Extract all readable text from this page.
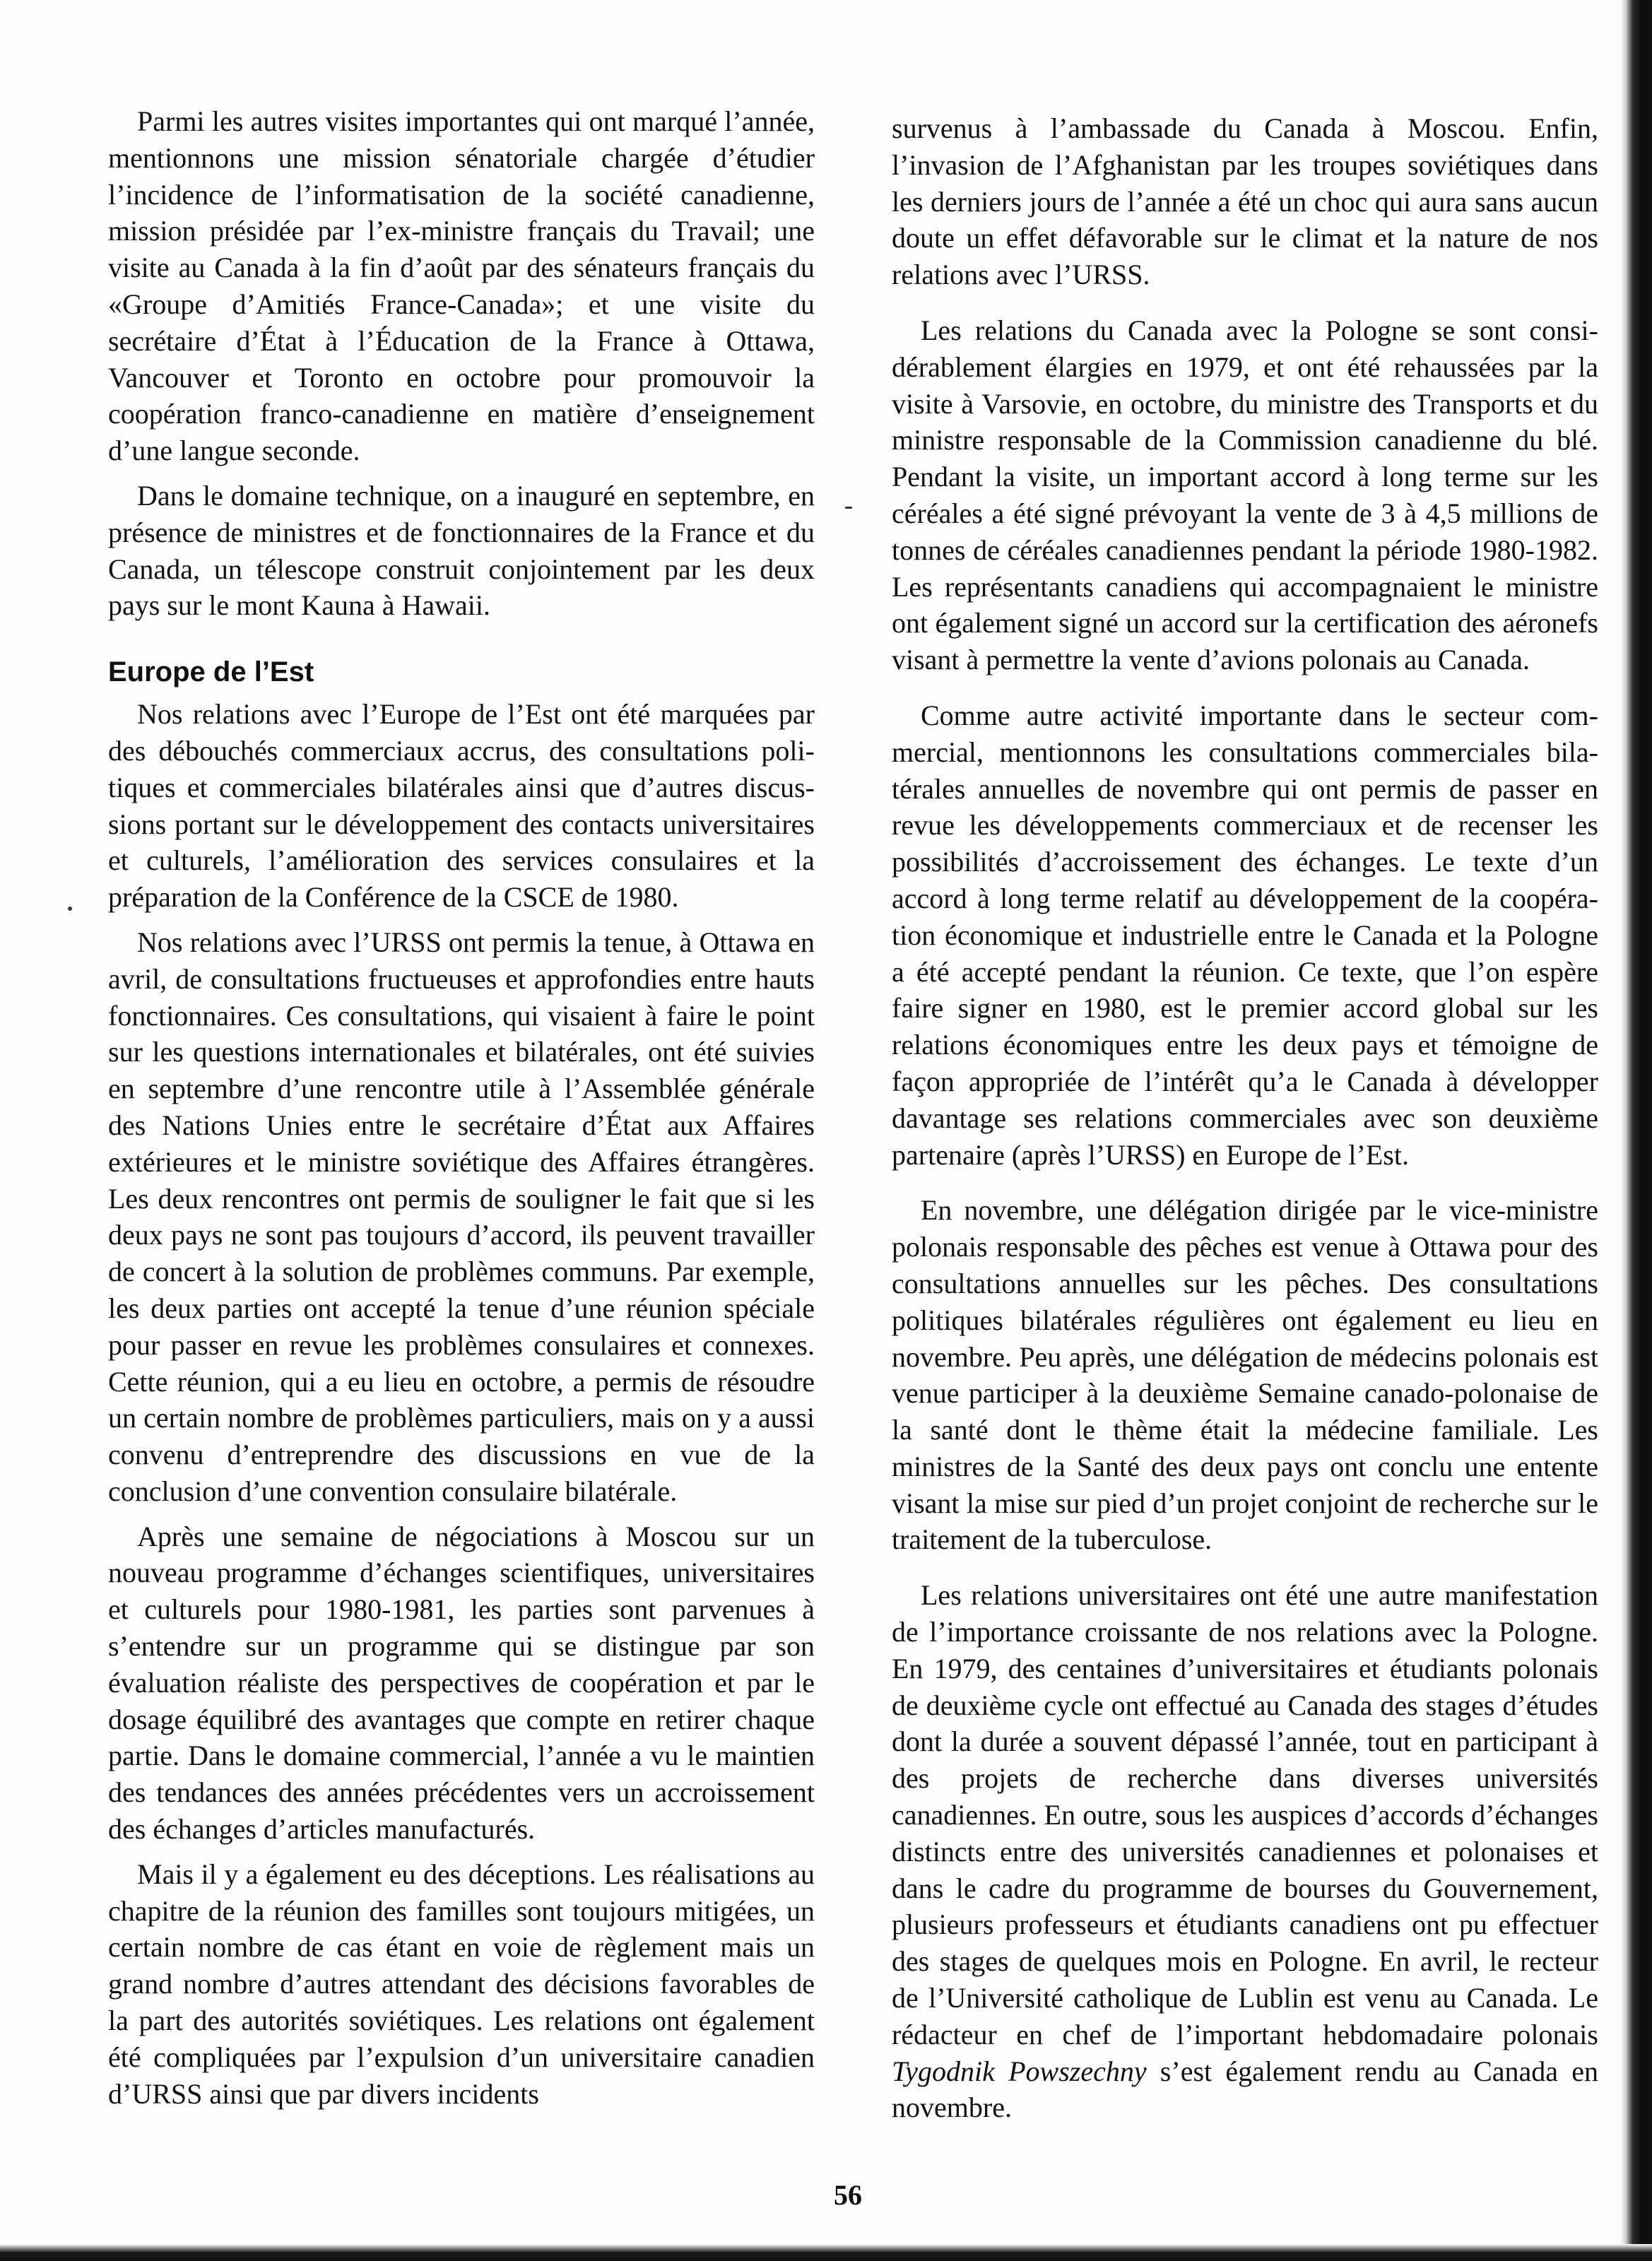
Parmi les autres visites importantes qui ont marqué l’année, mentionnons une mission sénatoriale chargée d’étudier l’incidence de l’informatisation de la société canadienne, mission présidée par l’ex-ministre français du Travail; une visite au Canada à la fin d’août par des sénateurs français du «Groupe d’Amitiés France-Canada»; et une visite du secrétaire d’État à l’Éducation de la France à Ottawa, Vancouver et Toronto en octobre pour promouvoir la coopération franco-canadienne en matière d’enseignement d’une langue seconde.

Dans le domaine technique, on a inauguré en septembre, en présence de ministres et de fonctionnaires de la France et du Canada, un télescope construit conjointement par les deux pays sur le mont Kauna à Hawaii.

Europe de l’Est

Nos relations avec l’Europe de l’Est ont été marquées par des débouchés commerciaux accrus, des consultations politiques et commerciales bilatérales ainsi que d’autres discussions portant sur le développement des contacts universitaires et culturels, l’amélioration des services consulaires et la préparation de la Conférence de la CSCE de 1980.

Nos relations avec l’URSS ont permis la tenue, à Ottawa en avril, de consultations fructueuses et approfondies entre hauts fonctionnaires. Ces consultations, qui visaient à faire le point sur les questions internationales et bilatérales, ont été suivies en septembre d’une rencontre utile à l’Assemblée générale des Nations Unies entre le secrétaire d’État aux Affaires extérieures et le ministre soviétique des Affaires étrangères. Les deux rencontres ont permis de souligner le fait que si les deux pays ne sont pas toujours d’accord, ils peuvent travailler de concert à la solution de problèmes communs. Par exemple, les deux parties ont accepté la tenue d’une réunion spéciale pour passer en revue les problèmes consulaires et connexes. Cette réunion, qui a eu lieu en octobre, a permis de résoudre un certain nombre de problèmes particuliers, mais on y a aussi convenu d’entreprendre des discussions en vue de la conclusion d’une convention consulaire bilatérale.

Après une semaine de négociations à Moscou sur un nouveau programme d’échanges scientifiques, universitaires et culturels pour 1980-1981, les parties sont parvenues à s’entendre sur un programme qui se distingue par son évaluation réaliste des perspectives de coopération et par le dosage équilibré des avantages que compte en retirer chaque partie. Dans le domaine commercial, l’année a vu le maintien des tendances des années précédentes vers un accroissement des échanges d’articles manufacturés.

Mais il y a également eu des déceptions. Les réalisations au chapitre de la réunion des familles sont toujours mitigées, un certain nombre de cas étant en voie de règlement mais un grand nombre d’autres attendant des décisions favorables de la part des autorités soviétiques. Les relations ont également été compliquées par l’expulsion d’un universitaire canadien d’URSS ainsi que par divers incidents

survenus à l’ambassade du Canada à Moscou. Enfin, l’invasion de l’Afghanistan par les troupes soviétiques dans les derniers jours de l’année a été un choc qui aura sans aucun doute un effet défavorable sur le climat et la nature de nos relations avec l’URSS.

Les relations du Canada avec la Pologne se sont considérablement élargies en 1979, et ont été rehaussées par la visite à Varsovie, en octobre, du ministre des Transports et du ministre responsable de la Commission canadienne du blé. Pendant la visite, un important accord à long terme sur les céréales a été signé prévoyant la vente de 3 à 4,5 millions de tonnes de céréales canadiennes pendant la période 1980-1982. Les représentants canadiens qui accompagnaient le ministre ont également signé un accord sur la certification des aéronefs visant à permettre la vente d’avions polonais au Canada.

Comme autre activité importante dans le secteur commercial, mentionnons les consultations commerciales bilatérales annuelles de novembre qui ont permis de passer en revue les développements commerciaux et de recenser les possibilités d’accroissement des échanges. Le texte d’un accord à long terme relatif au développement de la coopération économique et industrielle entre le Canada et la Pologne a été accepté pendant la réunion. Ce texte, que l’on espère faire signer en 1980, est le premier accord global sur les relations économiques entre les deux pays et témoigne de façon appropriée de l’intérêt qu’a le Canada à développer davantage ses relations commerciales avec son deuxième partenaire (après l’URSS) en Europe de l’Est.

En novembre, une délégation dirigée par le vice-ministre polonais responsable des pêches est venue à Ottawa pour des consultations annuelles sur les pêches. Des consultations politiques bilatérales régulières ont également eu lieu en novembre. Peu après, une délégation de médecins polonais est venue participer à la deuxième Semaine canado-polonaise de la santé dont le thème était la médecine familiale. Les ministres de la Santé des deux pays ont conclu une entente visant la mise sur pied d’un projet conjoint de recherche sur le traitement de la tuberculose.

Les relations universitaires ont été une autre manifestation de l’importance croissante de nos relations avec la Pologne. En 1979, des centaines d’universitaires et étudiants polonais de deuxième cycle ont effectué au Canada des stages d’études dont la durée a souvent dépassé l’année, tout en participant à des projets de recherche dans diverses universités canadiennes. En outre, sous les auspices d’accords d’échanges distincts entre des universités canadiennes et polonaises et dans le cadre du programme de bourses du Gouvernement, plusieurs professeurs et étudiants canadiens ont pu effectuer des stages de quelques mois en Pologne. En avril, le recteur de l’Université catholique de Lublin est venu au Canada. Le rédacteur en chef de l’important hebdomadaire polonais Tygodnik Powszechny s’est également rendu au Canada en novembre.

56
